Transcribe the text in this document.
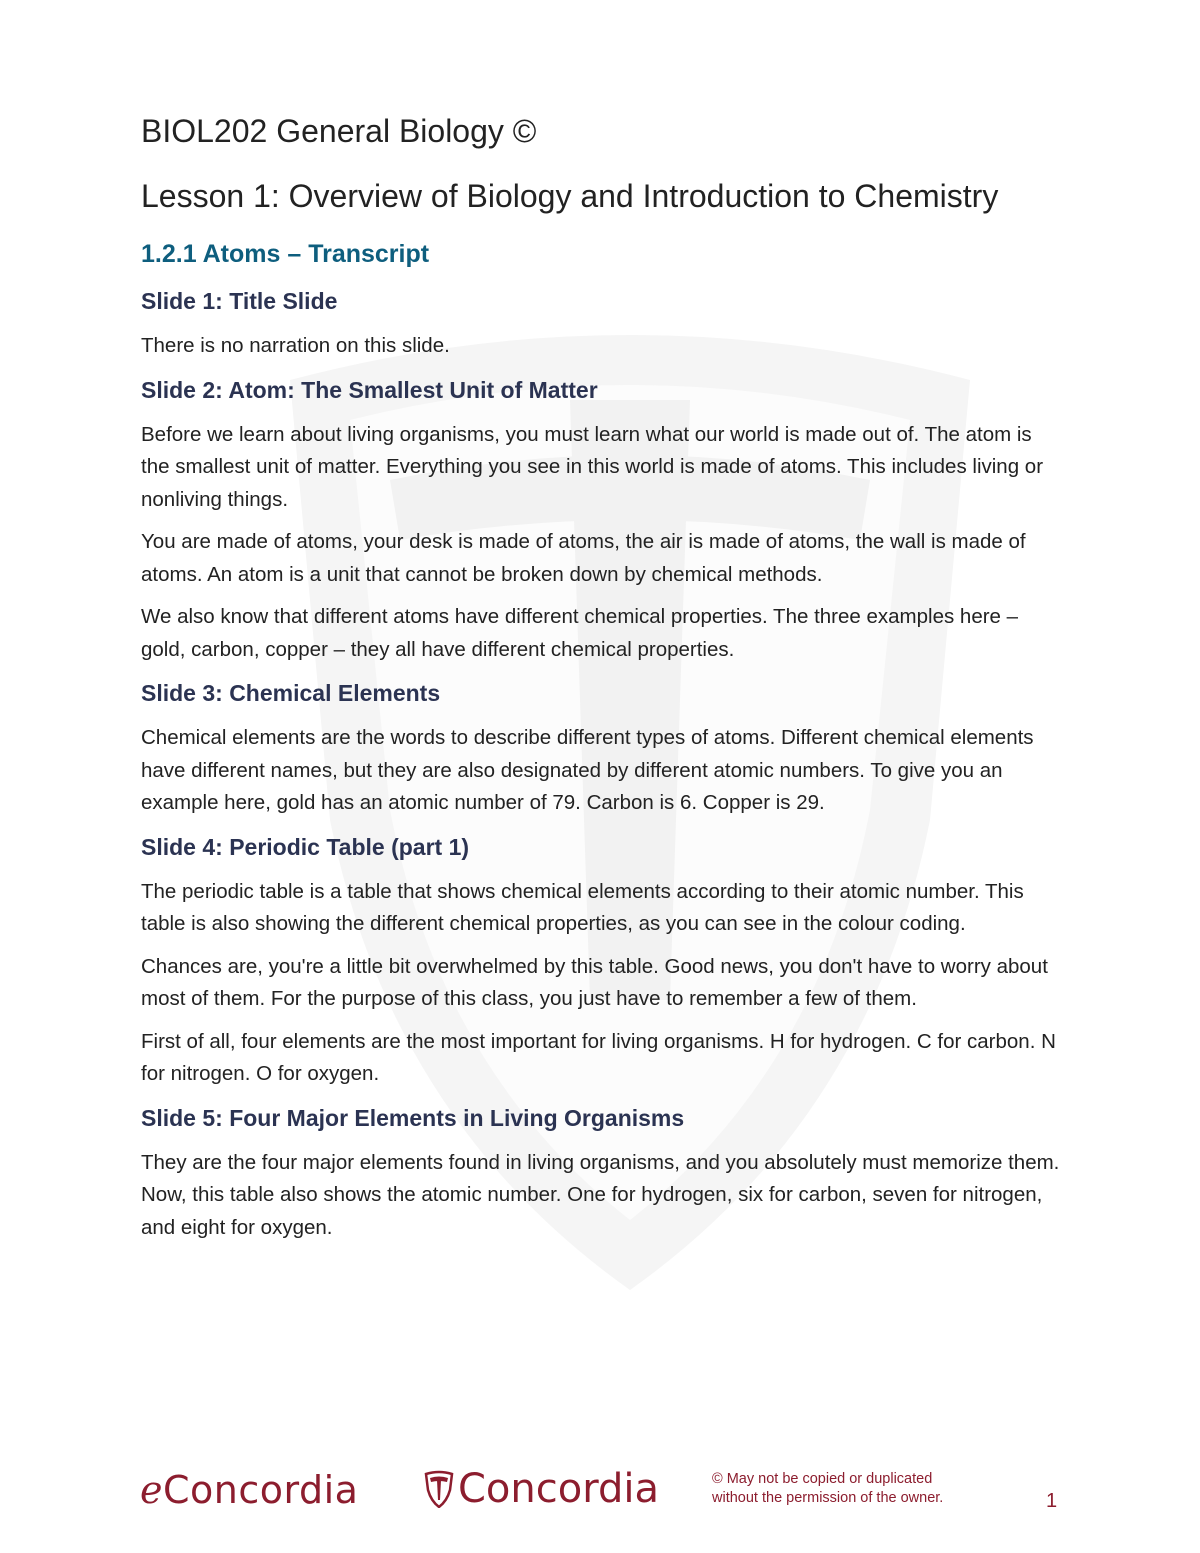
BIOL202 General Biology ©
Lesson 1: Overview of Biology and Introduction to Chemistry
1.2.1 Atoms – Transcript
Slide 1: Title Slide

There is no narration on this slide.

Slide 2: Atom: The Smallest Unit of Matter

Before we learn about living organisms, you must learn what our world is made out of. The atom is the smallest unit of matter. Everything you see in this world is made of atoms. This includes living or nonliving things.

You are made of atoms, your desk is made of atoms, the air is made of atoms, the wall is made of atoms. An atom is a unit that cannot be broken down by chemical methods.

We also know that different atoms have different chemical properties. The three examples here – gold, carbon, copper – they all have different chemical properties.

Slide 3: Chemical Elements

Chemical elements are the words to describe different types of atoms. Different chemical elements have different names, but they are also designated by different atomic numbers. To give you an example here, gold has an atomic number of 79. Carbon is 6. Copper is 29.

Slide 4: Periodic Table (part 1)

The periodic table is a table that shows chemical elements according to their atomic number. This table is also showing the different chemical properties, as you can see in the colour coding.

Chances are, you're a little bit overwhelmed by this table. Good news, you don't have to worry about most of them. For the purpose of this class, you just have to remember a few of them.

First of all, four elements are the most important for living organisms. H for hydrogen. C for carbon. N for nitrogen. O for oxygen.

Slide 5: Four Major Elements in Living Organisms

They are the four major elements found in living organisms, and you absolutely must memorize them. Now, this table also shows the atomic number. One for hydrogen, six for carbon, seven for nitrogen, and eight for oxygen.

eConcordia Concordia	© May not be copied or duplicated
without the permission of the owner.	1
